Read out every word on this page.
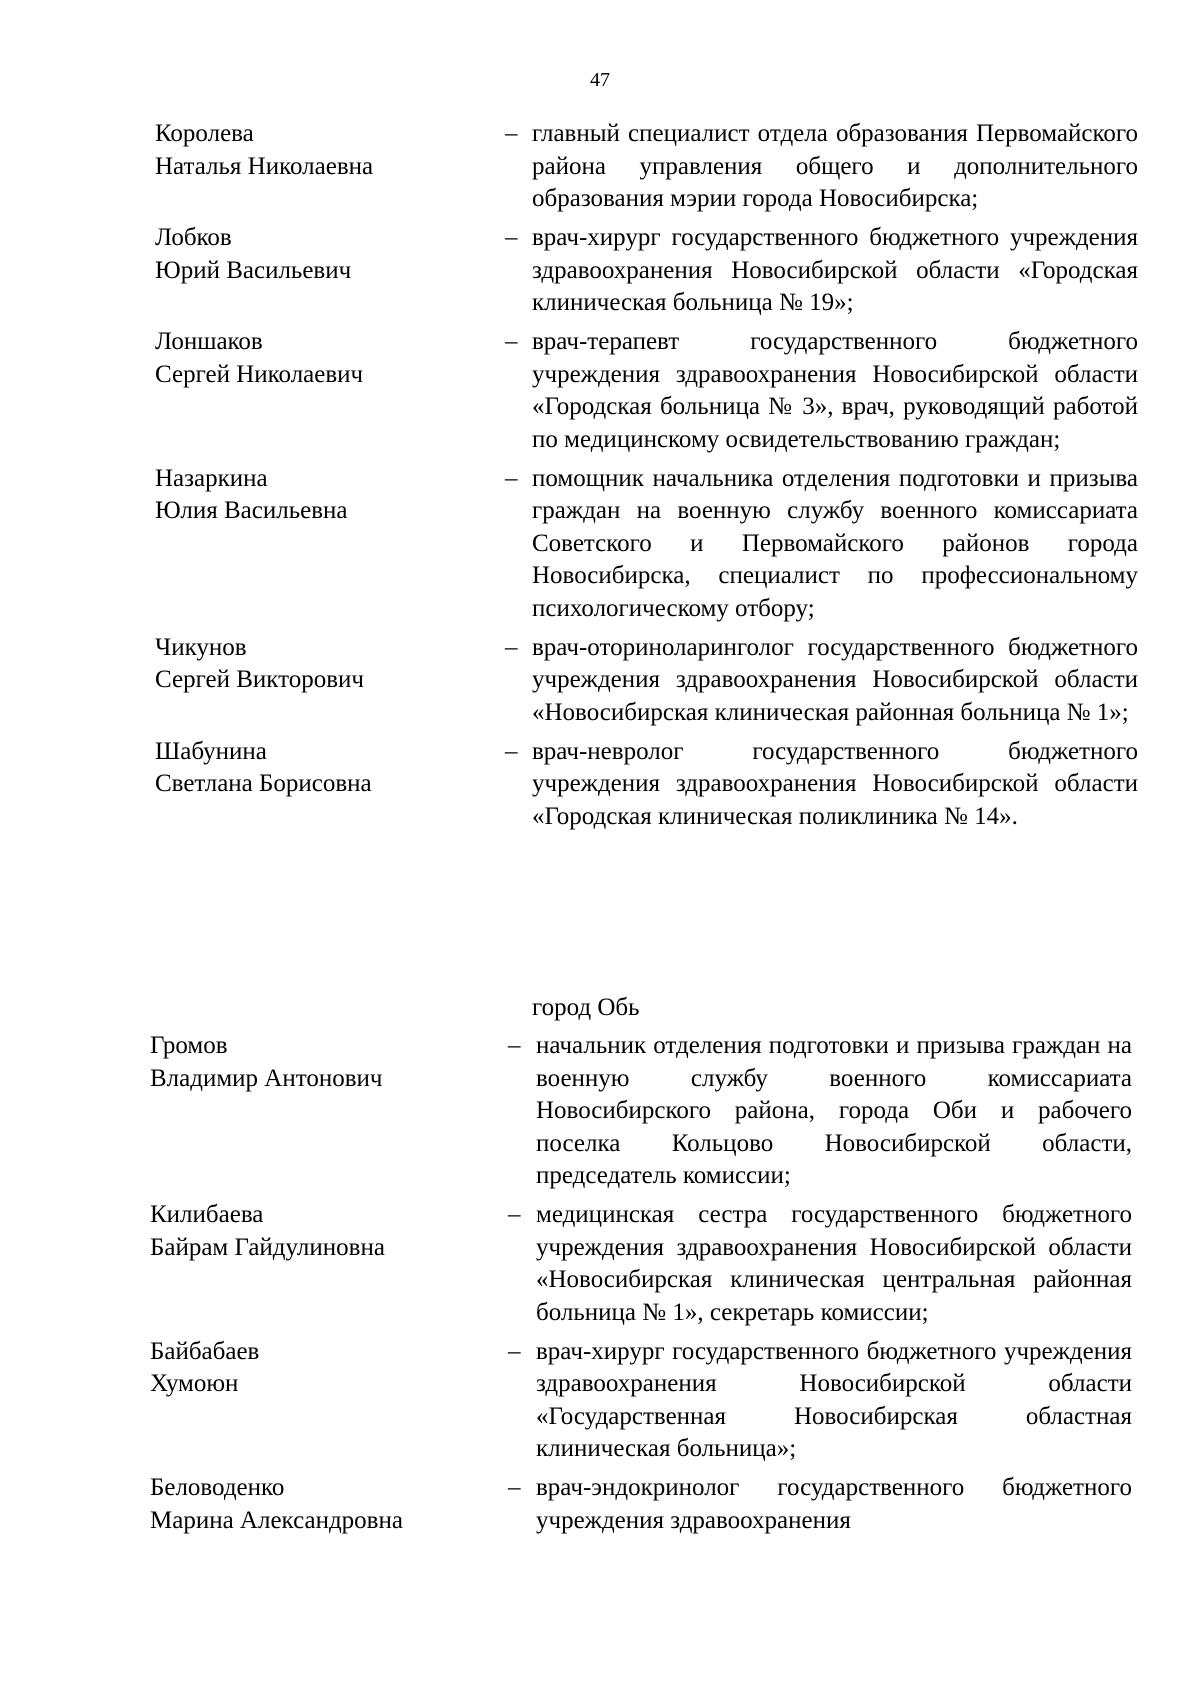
47
Королева
Наталья Николаевна
– главный специалист отдела образования Первомайского района управления общего и дополнительного образования мэрии города Новосибирска;
Лобков
Юрий Васильевич
– врач-хирург государственного бюджетного учреждения здравоохранения Новосибирской области «Городская клиническая больница № 19»;
Лоншаков
Сергей Николаевич
– врач-терапевт государственного бюджетного учреждения здравоохранения Новосибирской области «Городская больница № 3», врач, руководящий работой по медицинскому освидетельствованию граждан;
Назаркина
Юлия Васильевна
– помощник начальника отделения подготовки и призыва граждан на военную службу военного комиссариата Советского и Первомайского районов города Новосибирска, специалист по профессиональному психологическому отбору;
Чикунов
Сергей Викторович
– врач-оториноларинголог государственного бюджетного учреждения здравоохранения Новосибирской области «Новосибирская клиническая районная больница № 1»;
Шабунина
Светлана Борисовна
– врач-невролог государственного бюджетного учреждения здравоохранения Новосибирской области «Городская клиническая поликлиника № 14».
город Обь
Громов
Владимир Антонович
– начальник отделения подготовки и призыва граждан на военную службу военного комиссариата Новосибирского района, города Оби и рабочего поселка Кольцово Новосибирской области, председатель комиссии;
Килибаева
Байрам Гайдулиновна
– медицинская сестра государственного бюджетного учреждения здравоохранения Новосибирской области «Новосибирская клиническая центральная районная больница № 1», секретарь комиссии;
Байбабаев
Хумоюн
– врач-хирург государственного бюджетного учреждения здравоохранения Новосибирской области «Государственная Новосибирская областная клиническая больница»;
Беловоденко
Марина Александровна
– врач-эндокринолог государственного бюджетного учреждения здравоохранения
